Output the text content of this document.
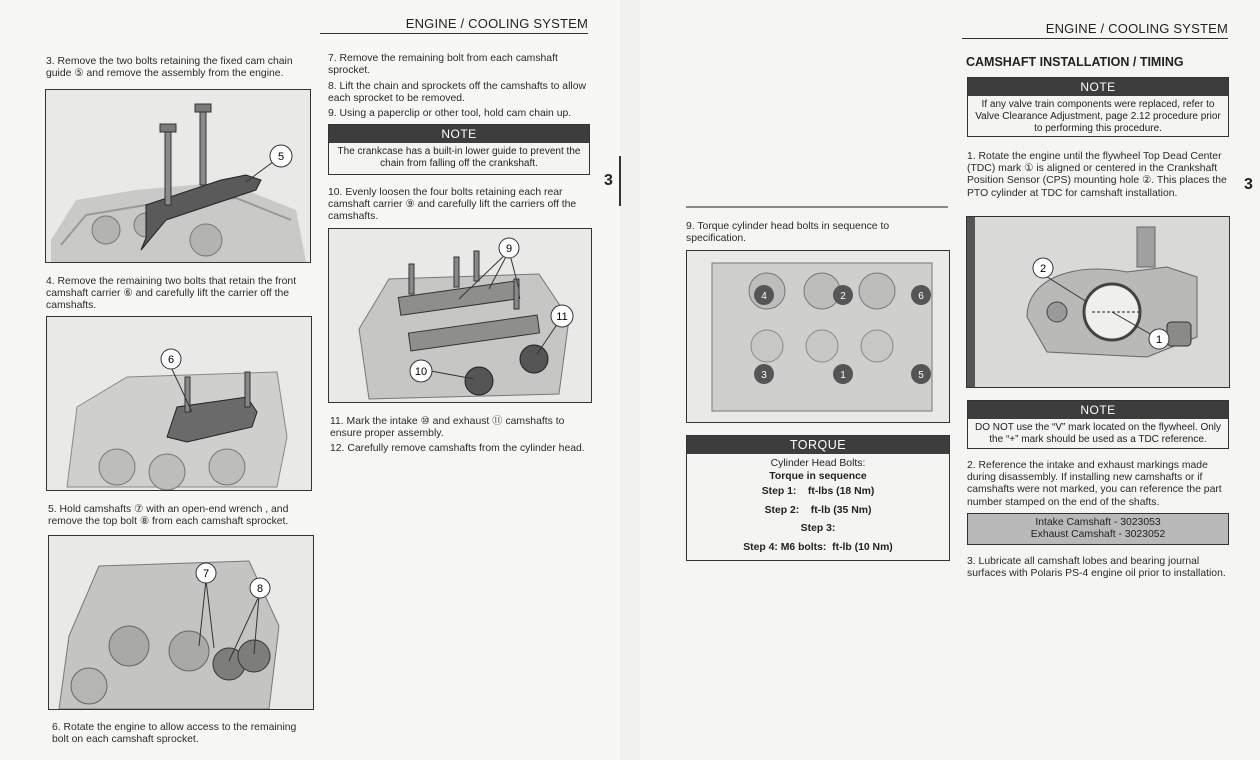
ENGINE / COOLING SYSTEM
3. Remove the two bolts retaining the fixed cam chain guide ⑤ and remove the assembly from the engine.
5
4. Remove the remaining two bolts that retain the front camshaft carrier ⑥ and carefully lift the carrier off the camshafts.
6
5. Hold camshafts ⑦ with an open-end wrench , and remove the top bolt ⑧ from each camshaft sprocket.
7
8
6. Rotate the engine to allow access to the remaining bolt on each camshaft sprocket.
7. Remove the remaining bolt from each camshaft sprocket.
8. Lift the chain and sprockets off the camshafts to allow each sprocket to be removed.
9. Using a paperclip or other tool, hold cam chain up.
NOTE
The crankcase has a built-in lower guide to prevent the chain from falling off the crankshaft.
10. Evenly loosen the four bolts retaining each rear camshaft carrier ⑨ and carefully lift the carriers off the camshafts.
9
10
11
11. Mark the intake ⑩ and exhaust ⑪ camshafts to ensure proper assembly.
12. Carefully remove camshafts from the cylinder head.
3
9. Torque cylinder head bolts in sequence to specification.
4	2	6
3	1	5
TORQUE
Cylinder Head Bolts:
Torque in sequence
Step 1: ft-lbs (18 Nm)
Step 2: ft-lb (35 Nm)
Step 3:
Step 4: M6 bolts: ft-lb (10 Nm)
ENGINE / COOLING SYSTEM
CAMSHAFT INSTALLATION / TIMING
NOTE
If any valve train components were replaced, refer to Valve Clearance Adjustment, page 2.12 procedure prior to performing this procedure.
1. Rotate the engine until the flywheel Top Dead Center (TDC) mark ① is aligned or centered in the Crankshaft Position Sensor (CPS) mounting hole ②. This places the PTO cylinder at TDC for camshaft installation.
2
1
NOTE
DO NOT use the “V” mark located on the flywheel. Only the “+” mark should be used as a TDC reference.
2. Reference the intake and exhaust markings made during disassembly. If installing new camshafts or if camshafts were not marked, you can reference the part number stamped on the end of the shafts.
Intake Camshaft - 3023053
Exhaust Camshaft - 3023052
3. Lubricate all camshaft lobes and bearing journal surfaces with Polaris PS-4 engine oil prior to installation.
3
